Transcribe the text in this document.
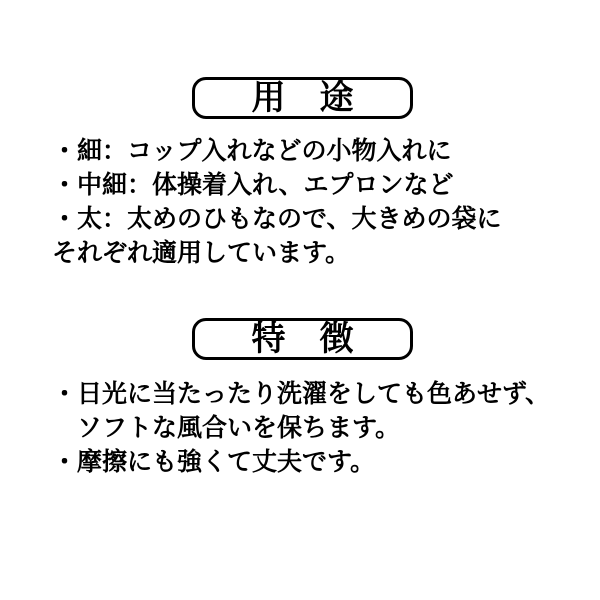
用　途
・細：コップ入れなどの小物入れに
・中細：体操着入れ、エプロンなど
・太：太めのひもなので、大きめの袋に
それぞれ適用しています。
特　徴
・日光に当たったり洗濯をしても色あせず、
ソフトな風合いを保ちます。
・摩擦にも強くて丈夫です。
